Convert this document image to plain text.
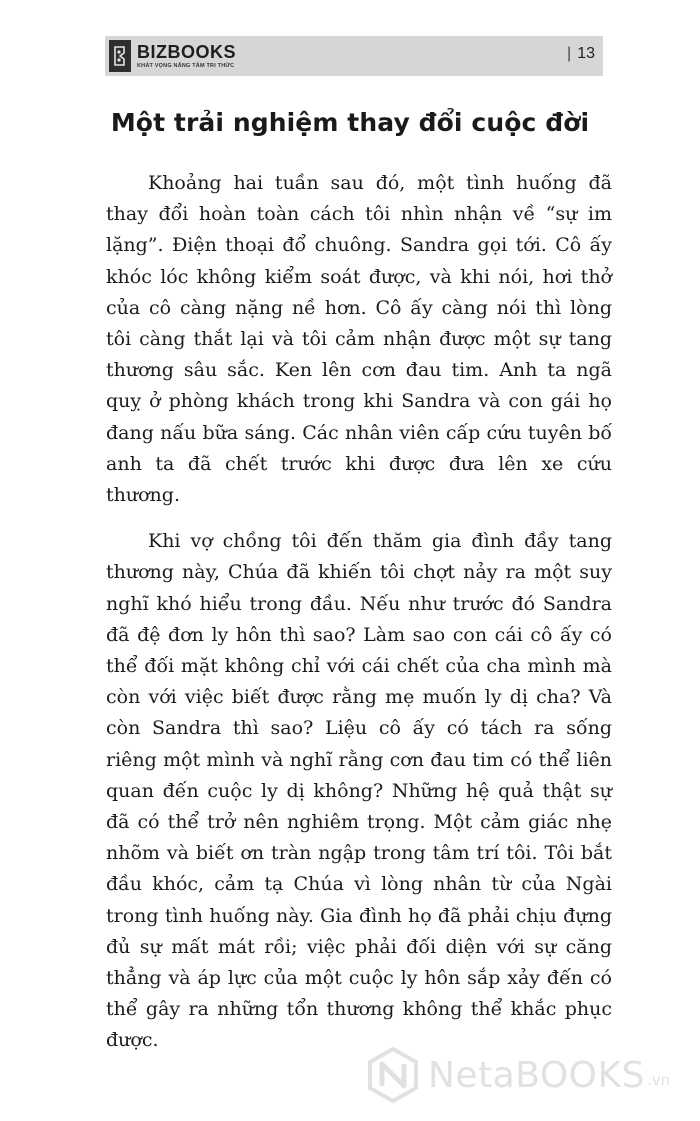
BIZBOOKS
KHÁT VỌNG NÂNG TẦM TRI THỨC
| 13
Một trải nghiệm thay đổi cuộc đời

Khoảng hai tuần sau đó, một tình huống đã thay đổi hoàn toàn cách tôi nhìn nhận về “sự im lặng”. Điện thoại đổ chuông. Sandra gọi tới. Cô ấy khóc lóc không kiểm soát được, và khi nói, hơi thở của cô càng nặng nề hơn. Cô ấy càng nói thì lòng tôi càng thắt lại và tôi cảm nhận được một sự tang thương sâu sắc. Ken lên cơn đau tim. Anh ta ngã quỵ ở phòng khách trong khi Sandra và con gái họ đang nấu bữa sáng. Các nhân viên cấp cứu tuyên bố anh ta đã chết trước khi được đưa lên xe cứu thương.

Khi vợ chồng tôi đến thăm gia đình đầy tang thương này, Chúa đã khiến tôi chợt nảy ra một suy nghĩ khó hiểu trong đầu. Nếu như trước đó Sandra đã đệ đơn ly hôn thì sao? Làm sao con cái cô ấy có thể đối mặt không chỉ với cái chết của cha mình mà còn với việc biết được rằng mẹ muốn ly dị cha? Và còn Sandra thì sao? Liệu cô ấy có tách ra sống riêng một mình và nghĩ rằng cơn đau tim có thể liên quan đến cuộc ly dị không? Những hệ quả thật sự đã có thể trở nên nghiêm trọng. Một cảm giác nhẹ nhõm và biết ơn tràn ngập trong tâm trí tôi. Tôi bắt đầu khóc, cảm tạ Chúa vì lòng nhân từ của Ngài trong tình huống này. Gia đình họ đã phải chịu đựng đủ sự mất mát rồi; việc phải đối diện với sự căng thẳng và áp lực của một cuộc ly hôn sắp xảy đến có thể gây ra những tổn thương không thể khắc phục được.

NetaBOOKS .vn
